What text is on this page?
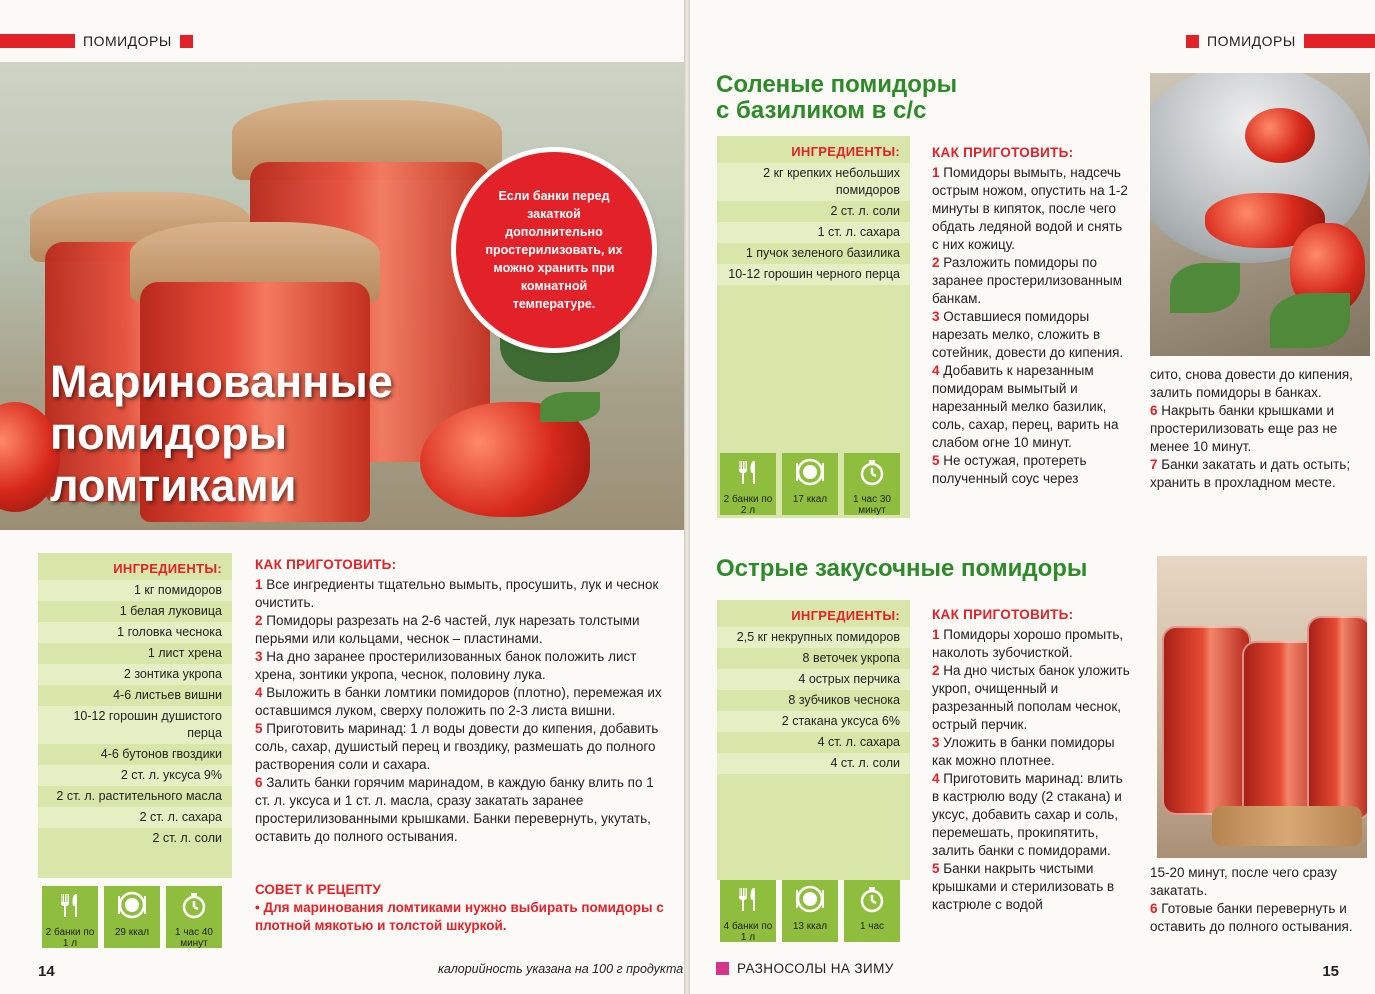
ПОМИДОРЫ
Если банки перед закаткой дополнительно простерилизовать, их можно хранить при комнатной температуре.
Маринованные
помидоры
ломтиками
ИНГРЕДИЕНТЫ:
1 кг помидоров
1 белая луковица
1 головка чеснока
1 лист хрена
2 зонтика укропа
4-6 листьев вишни
10-12 горошин душистого перца
4-6 бутонов гвоздики
2 ст. л. уксуса 9%
2 ст. л. растительного масла
2 ст. л. сахара
2 ст. л. соли
2 банки по 1 л
29 ккал	1 час 40 минут
КАК ПРИГОТОВИТЬ:

1 Все ингредиенты тщательно вымыть, просушить, лук и чеснок очистить.

2 Помидоры разрезать на 2-6 частей, лук нарезать толстыми перьями или кольцами, чеснок – пластинами.

3 На дно заранее простерилизованных банок положить лист хрена, зонтики укропа, чеснок, половину лука.

4 Выложить в банки ломтики помидоров (плотно), перемежая их оставшимся луком, сверху положить по 2-3 листа вишни.

5 Приготовить маринад: 1 л воды довести до кипения, добавить соль, сахар, душистый перец и гвоздику, размешать до полного растворения соли и сахара.

6 Залить банки горячим маринадом, в каждую банку влить по 1 ст. л. уксуса и 1 ст. л. масла, сразу закатать заранее простерилизованными крышками. Банки перевернуть, укутать, оставить до полного остывания.

СОВЕТ К РЕЦЕПТУ
• Для маринования ломтиками нужно выбирать помидоры с плотной мякотью и толстой шкуркой.
14	калорийность указана на 100 г продукта
ПОМИДОРЫ
Соленые помидоры
с базиликом в с/с
ИНГРЕДИЕНТЫ:
2 кг крепких небольших помидоров
2 ст. л. соли
1 ст. л. сахара
1 пучок зеленого базилика
10-12 горошин черного перца
2 банки по 2 л
17 ккал	1 час 30 минут
КАК ПРИГОТОВИТЬ:

1 Помидоры вымыть, надсечь острым ножом, опустить на 1-2 минуты в кипяток, после чего обдать ледяной водой и снять с них кожицу.

2 Разложить помидоры по заранее простерилизованным банкам.

3 Оставшиеся помидоры нарезать мелко, сложить в сотейник, довести до кипения.

4 Добавить к нарезанным помидорам вымытый и нарезанный мелко базилик, соль, сахар, перец, варить на слабом огне 10 минут.

5 Не остужая, протереть полученный соус через

сито, снова довести до кипения, залить помидоры в банках.

6 Накрыть банки крышками и простерилизовать еще раз не менее 10 минут.

7 Банки закатать и дать остыть; хранить в прохладном месте.

Острые закусочные помидоры
ИНГРЕДИЕНТЫ:
2,5 кг некрупных помидоров
8 веточек укропа
4 острых перчика
8 зубчиков чеснока
2 стакана уксуса 6%
4 ст. л. сахара
4 ст. л. соли
4 банки по 1 л
13 ккал	1 час
КАК ПРИГОТОВИТЬ:

1 Помидоры хорошо промыть, наколоть зубочисткой.

2 На дно чистых банок уложить укроп, очищенный и разрезанный пополам чеснок, острый перчик.

3 Уложить в банки помидоры как можно плотнее.

4 Приготовить маринад: влить в кастрюлю воду (2 стакана) и уксус, добавить сахар и соль, перемешать, прокипятить, залить банки с помидорами.

5 Банки накрыть чистыми крышками и стерилизовать в кастрюле с водой

15-20 минут, после чего сразу закатать.

6 Готовые банки перевернуть и оставить до полного остывания.

РАЗНОСОЛЫ НА ЗИМУ	15
